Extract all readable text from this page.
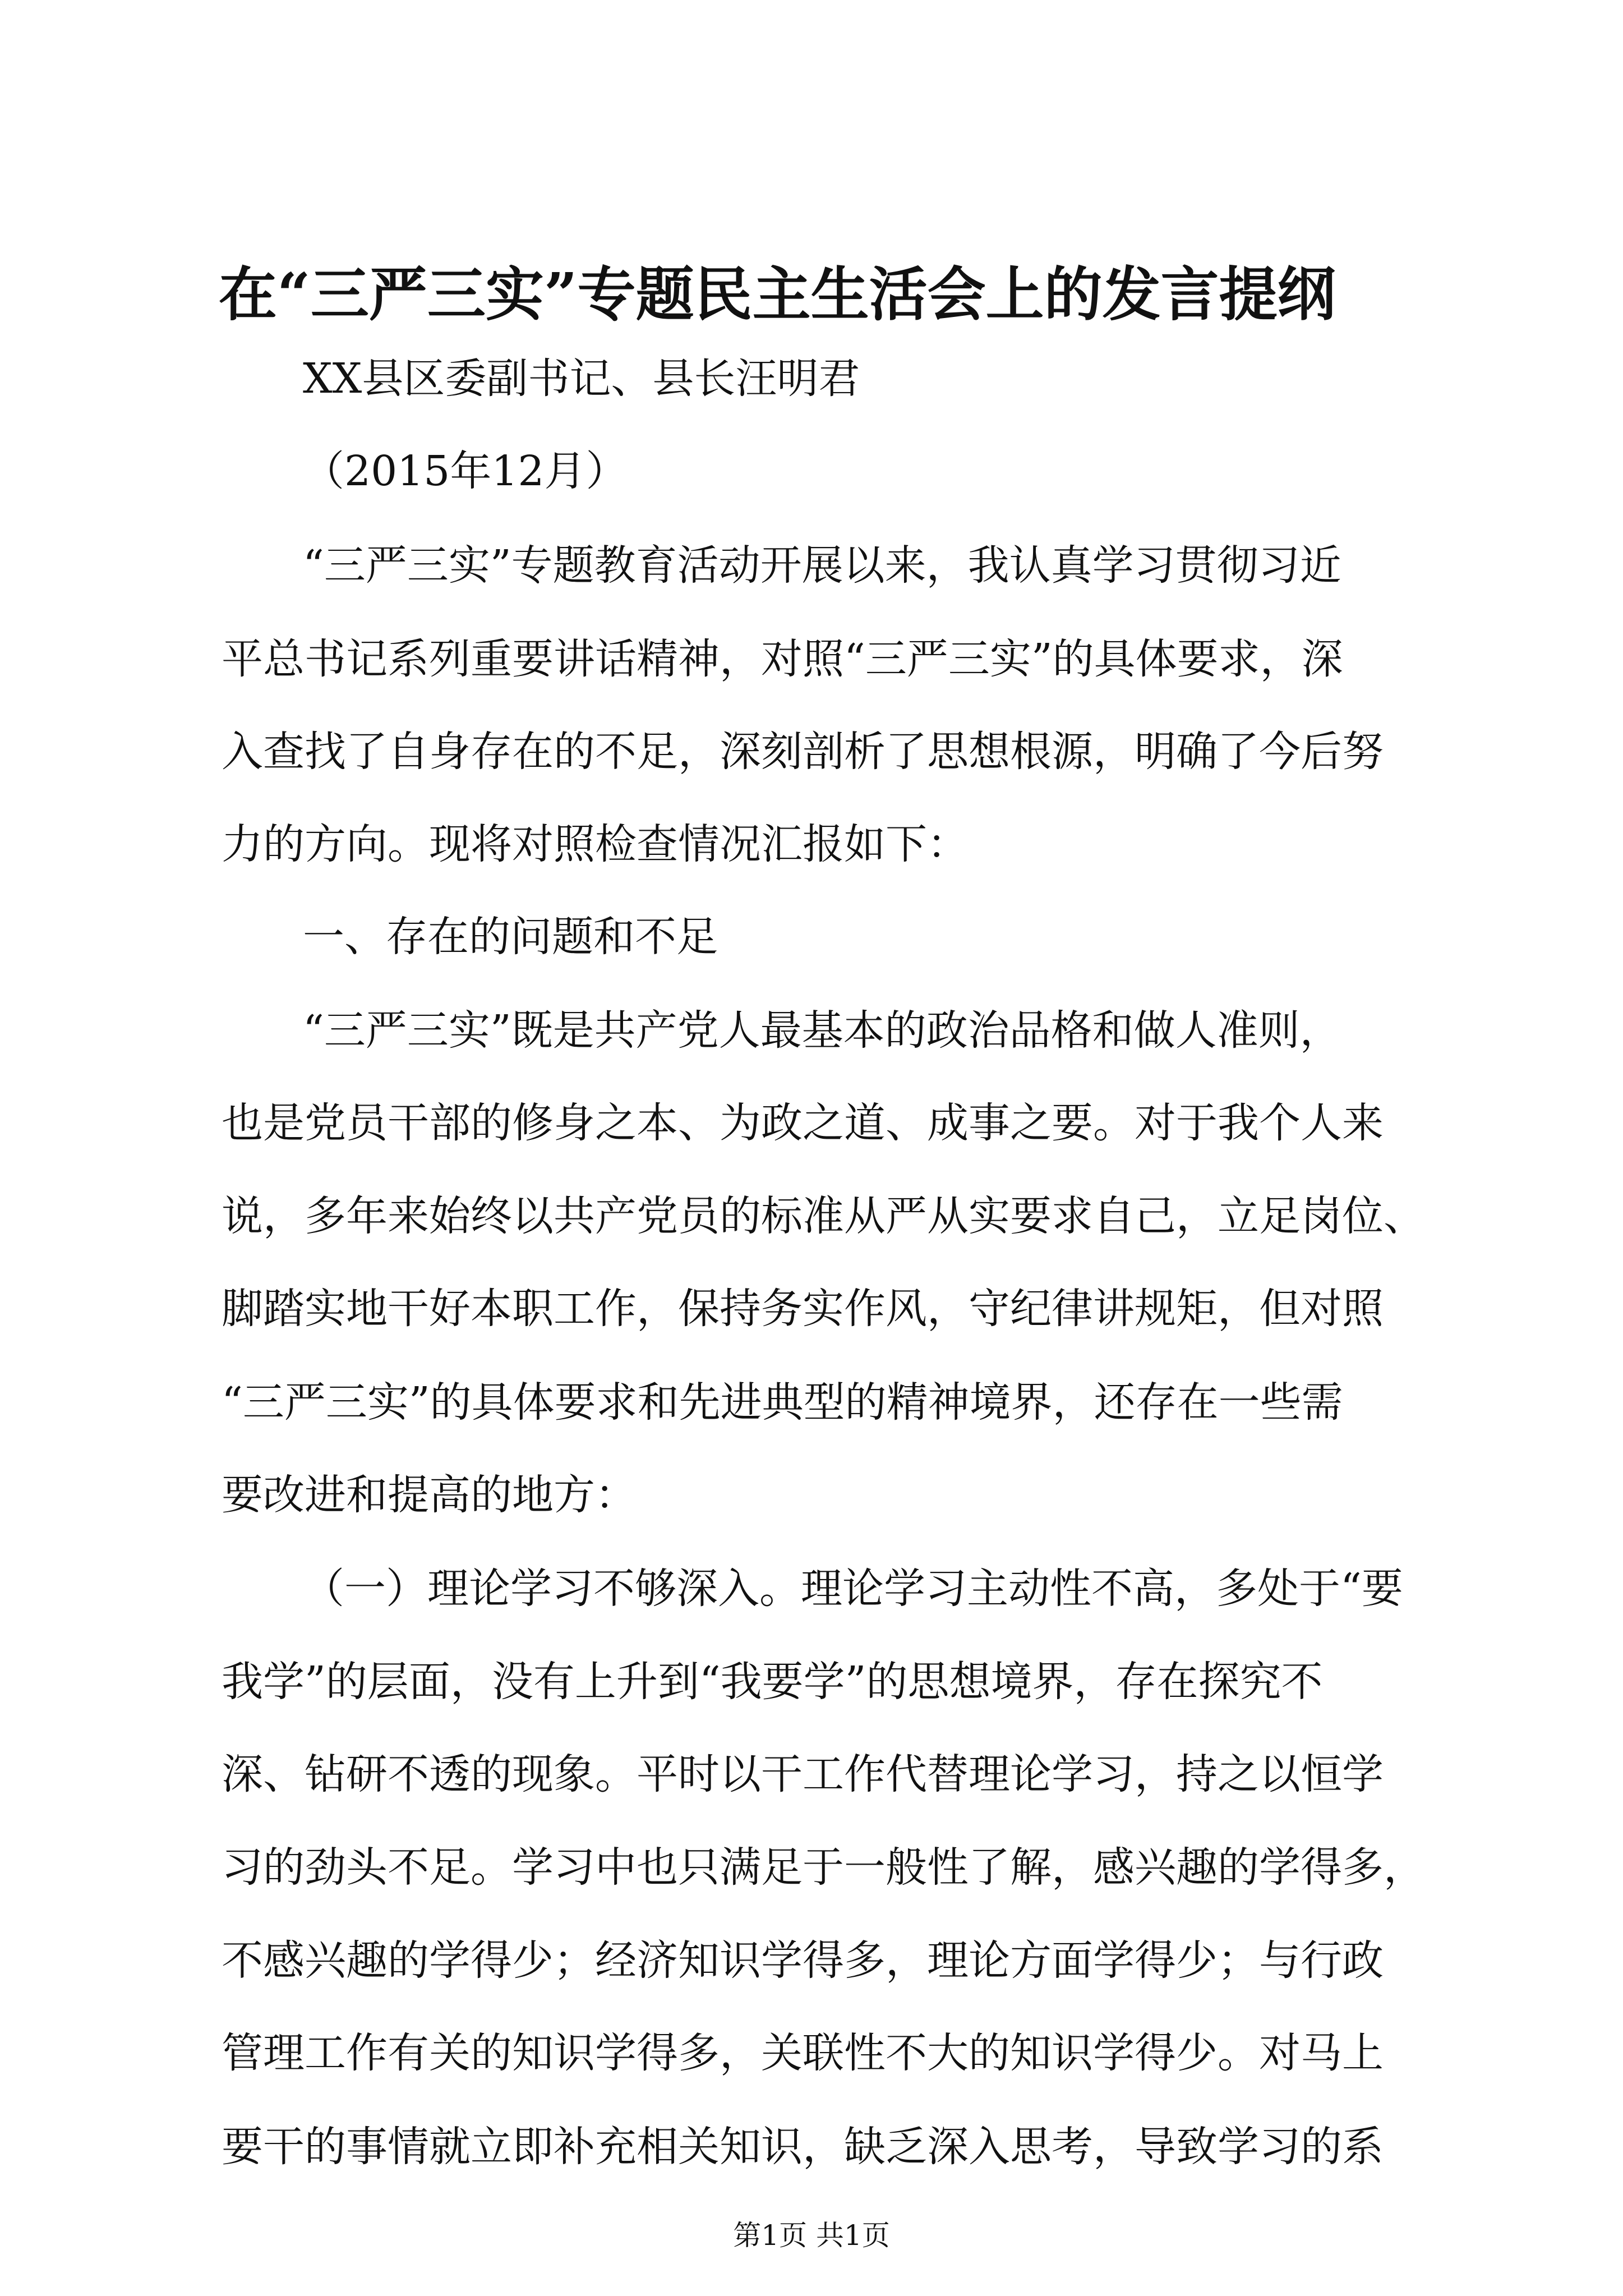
在“三严三实”专题民主生活会上的发言提纲
XX县区委副书记、县长汪明君
（2015年12月）
“三严三实”专题教育活动开展以来，我认真学习贯彻习近
平总书记系列重要讲话精神，对照“三严三实”的具体要求，深
入查找了自身存在的不足，深刻剖析了思想根源，明确了今后努
力的方向。现将对照检查情况汇报如下：
一、存在的问题和不足
“三严三实”既是共产党人最基本的政治品格和做人准则，
也是党员干部的修身之本、为政之道、成事之要。对于我个人来
说，多年来始终以共产党员的标准从严从实要求自己，立足岗位、
脚踏实地干好本职工作，保持务实作风，守纪律讲规矩，但对照
“三严三实”的具体要求和先进典型的精神境界，还存在一些需
要改进和提高的地方：
（一）理论学习不够深入。理论学习主动性不高，多处于“要
我学”的层面，没有上升到“我要学”的思想境界，存在探究不
深、钻研不透的现象。平时以干工作代替理论学习，持之以恒学
习的劲头不足。学习中也只满足于一般性了解，感兴趣的学得多，
不感兴趣的学得少；经济知识学得多，理论方面学得少；与行政
管理工作有关的知识学得多，关联性不大的知识学得少。对马上
要干的事情就立即补充相关知识，缺乏深入思考，导致学习的系
第1页 共1页
